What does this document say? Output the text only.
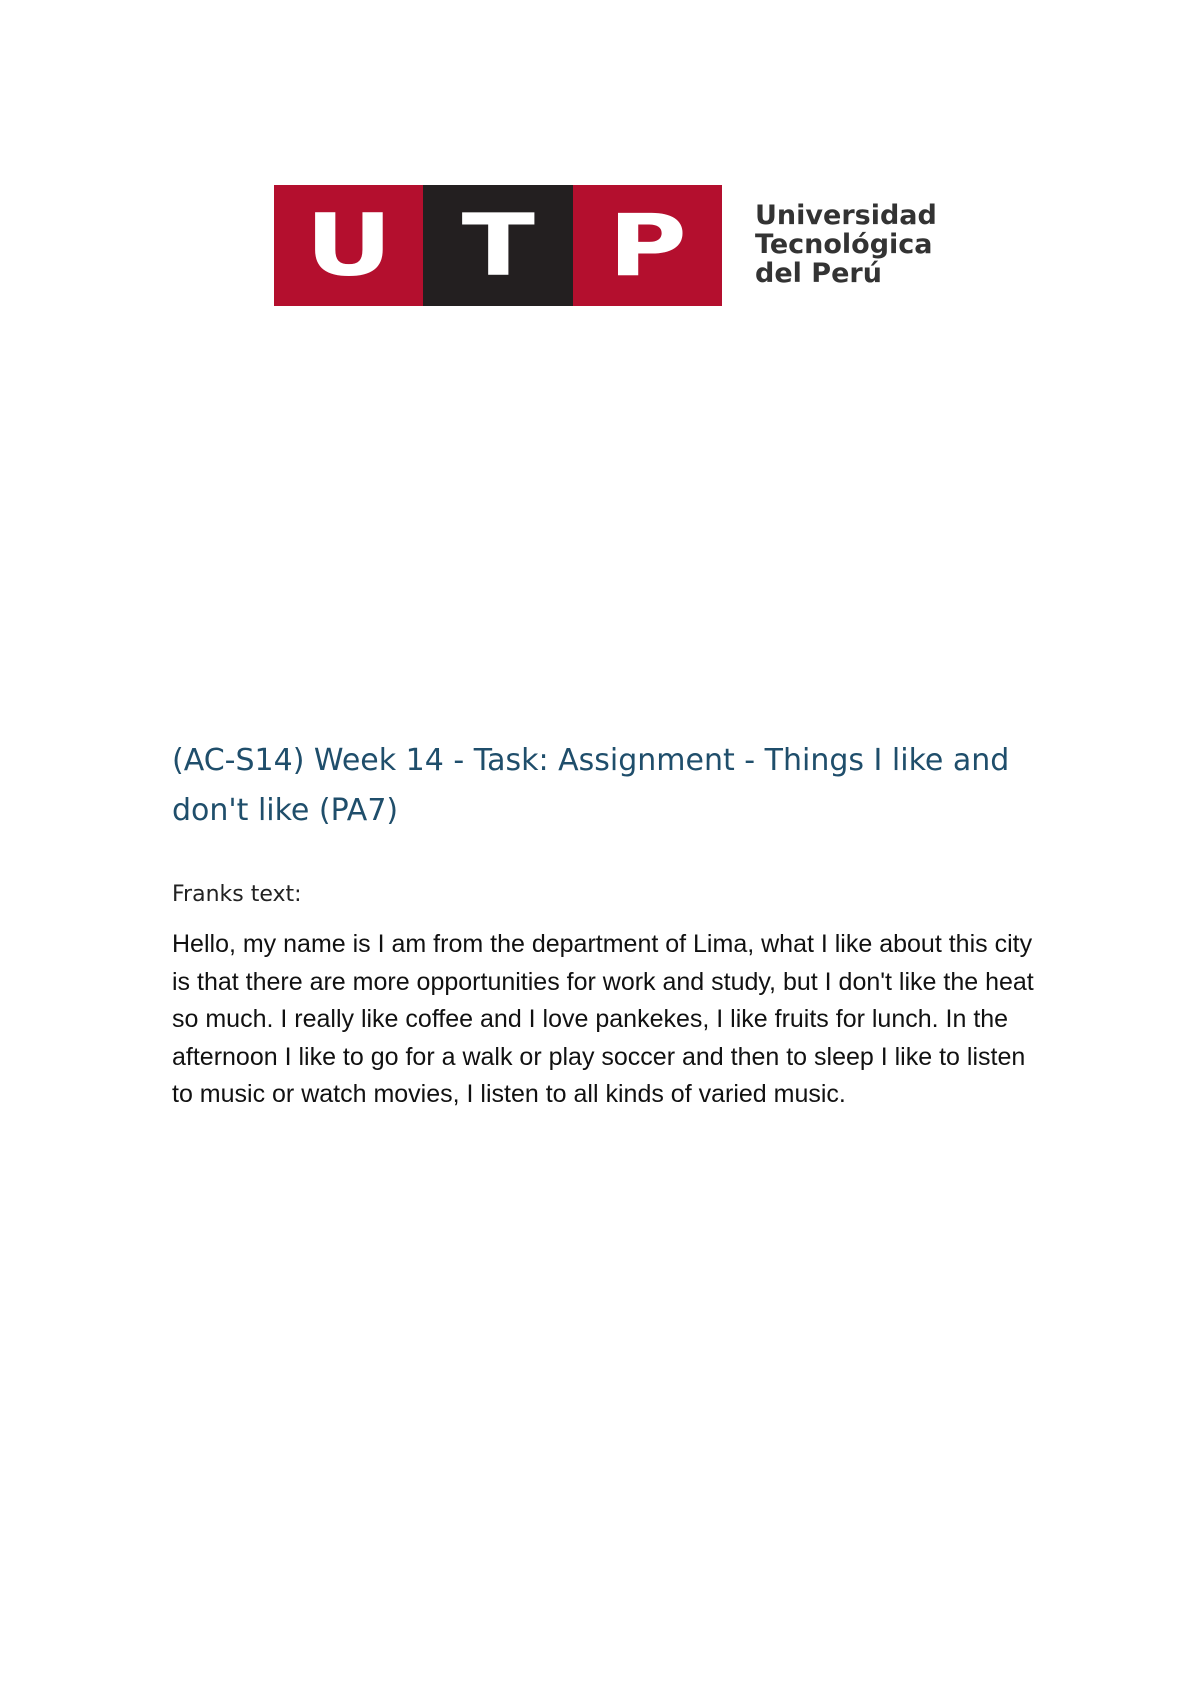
U T P	Universidad
Tecnológica
del Perú
(AC-S14) Week 14 - Task: Assignment - Things I like and don't like (PA7)

Franks text:

Hello, my name is I am from the department of Lima, what I like about this city is that there are more opportunities for work and study, but I don't like the heat so much. I really like coffee and I love pankekes, I like fruits for lunch. In the afternoon I like to go for a walk or play soccer and then to sleep I like to listen to music or watch movies, I listen to all kinds of varied music.
